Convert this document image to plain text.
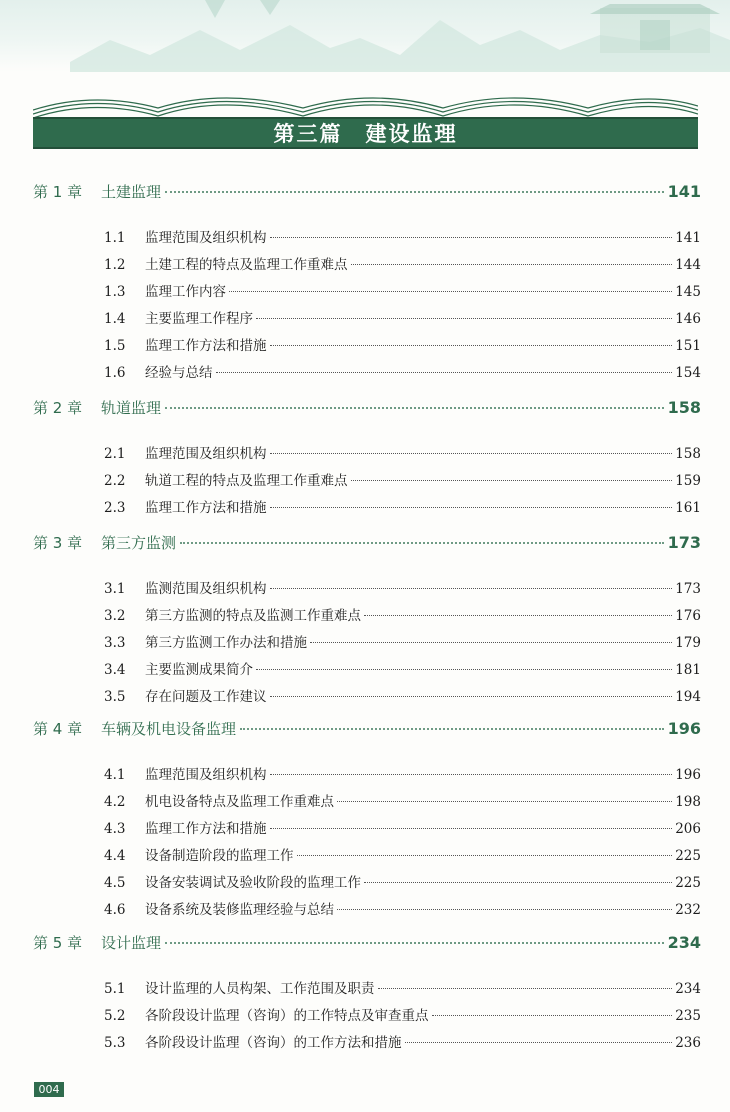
第三篇　建设监理
第 1 章	土建监理	141
1.1	监理范围及组织机构	141
1.2	土建工程的特点及监理工作重难点	144
1.3	监理工作内容	145
1.4	主要监理工作程序	146
1.5	监理工作方法和措施	151
1.6	经验与总结	154
第 2 章	轨道监理	158
2.1	监理范围及组织机构	158
2.2	轨道工程的特点及监理工作重难点	159
2.3	监理工作方法和措施	161
第 3 章	第三方监测	173
3.1	监测范围及组织机构	173
3.2	第三方监测的特点及监测工作重难点	176
3.3	第三方监测工作办法和措施	179
3.4	主要监测成果简介	181
3.5	存在问题及工作建议	194
第 4 章	车辆及机电设备监理	196
4.1	监理范围及组织机构	196
4.2	机电设备特点及监理工作重难点	198
4.3	监理工作方法和措施	206
4.4	设备制造阶段的监理工作	225
4.5	设备安装调试及验收阶段的监理工作	225
4.6	设备系统及装修监理经验与总结	232
第 5 章	设计监理	234
5.1	设计监理的人员构架、工作范围及职责	234
5.2	各阶段设计监理（咨询）的工作特点及审查重点	235
5.3	各阶段设计监理（咨询）的工作方法和措施	236
004
